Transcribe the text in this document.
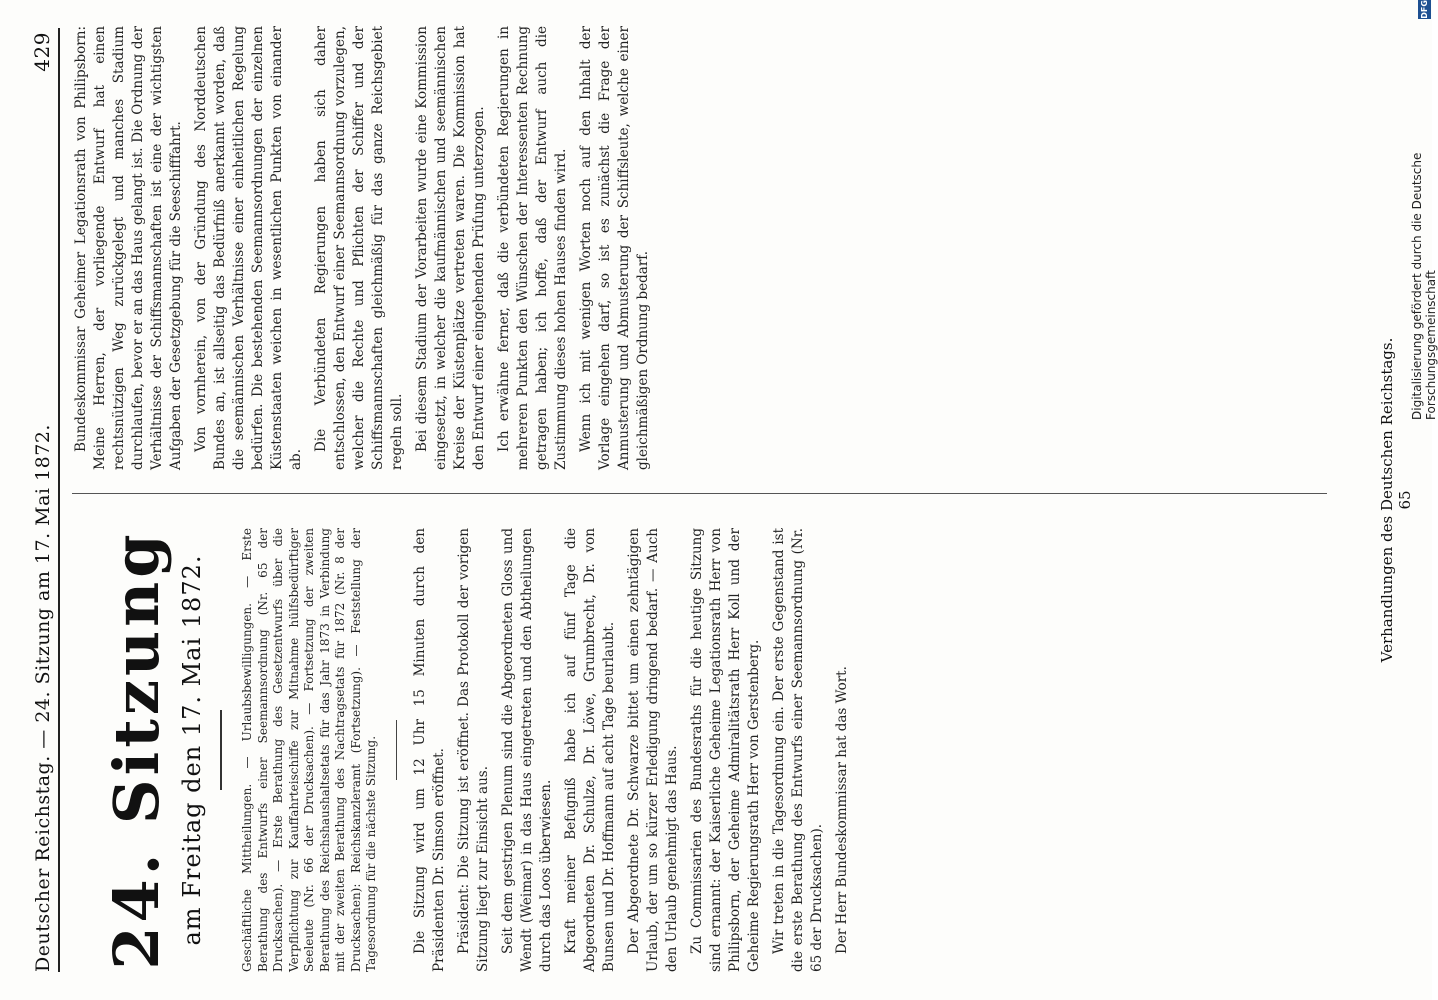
Deutscher Reichstag. — 24. Sitzung am 17. Mai 1872.
429
24. Sitzung am Freitag den 17. Mai 1872.	Geschäftliche Mittheilungen. — Urlaubsbewilligungen. — Erste Berathung des Entwurfs einer Seemannsordnung (Nr. 65 der Drucksachen). — Erste Berathung des Gesetzentwurfs über die Verpflichtung zur Kauffahrteischiffe zur Mitnahme hülfsbedürftiger Seeleute (Nr. 66 der Drucksachen). — Fortsetzung der zweiten Berathung des Reichshaushaltsetats für das Jahr 1873 in Verbindung mit der zweiten Berathung des Nachtragsetats für 1872 (Nr. 8 der Drucksachen): Reichskanzleramt (Fortsetzung). — Feststellung der Tagesordnung für die nächste Sitzung. Die Sitzung wird um 12 Uhr 15 Minuten durch den Präsidenten Dr. Simson eröffnet. Präsident: Die Sitzung ist eröffnet. Das Protokoll der vorigen Sitzung liegt zur Einsicht aus. Seit dem gestrigen Plenum sind die Abgeordneten Gloss und Wendt (Weimar) in das Haus eingetreten und den Abtheilungen durch das Loos überwiesen. Kraft meiner Befugniß habe ich auf fünf Tage die Abgeordneten Dr. Schulze, Dr. Löwe, Grumbrecht, Dr. von Bunsen und Dr. Hoffmann auf acht Tage beurlaubt. Der Abgeordnete Dr. Schwarze bittet um einen zehntägigen Urlaub, der um so kürzer Erledigung dringend bedarf. — Auch den Urlaub genehmigt das Haus. Zu Commissarien des Bundesraths für die heutige Sitzung sind ernannt: der Kaiserliche Geheime Legationsrath Herr von Philipsborn, der Geheime Admiralitätsrath Herr Koll und der Geheime Regierungsrath Herr von Gerstenberg. Wir treten in die Tagesordnung ein. Der erste Gegenstand ist die erste Berathung des Entwurfs einer Seemannsordnung (Nr. 65 der Drucksachen). Der Herr Bundeskommissar hat das Wort.

Bundeskommissar Geheimer Legationsrath von Philipsborn: Meine Herren, der vorliegende Entwurf hat einen rechtsnützigen Weg zurückgelegt und manches Stadium durchlaufen, bevor er an das Haus gelangt ist. Die Ordnung der Verhältnisse der Schiffsmannschaften ist eine der wichtigsten Aufgaben der Gesetzgebung für die Seeschifffahrt. Von vornherein, von der Gründung des Norddeutschen Bundes an, ist allseitig das Bedürfniß anerkannt worden, daß die seemännischen Verhältnisse einer einheitlichen Regelung bedürfen. Die bestehenden Seemannsordnungen der einzelnen Küstenstaaten weichen in wesentlichen Punkten von einander ab.

Die Verbündeten Regierungen haben sich daher entschlossen, den Entwurf einer Seemannsordnung vorzulegen, welcher die Rechte und Pflichten der Schiffer und der Schiffsmannschaften gleichmäßig für das ganze Reichsgebiet regeln soll. Bei diesem Stadium der Vorarbeiten wurde eine Kommission eingesetzt, in welcher die kaufmännischen und seemännischen Kreise der Küstenplätze vertreten waren. Die Kommission hat den Entwurf einer eingehenden Prüfung unterzogen. Ich erwähne ferner, daß die verbündeten Regierungen in mehreren Punkten den Wünschen der Interessenten Rechnung getragen haben; ich hoffe, daß der Entwurf auch die Zustimmung dieses hohen Hauses finden wird. Wenn ich mit wenigen Worten noch auf den Inhalt der Vorlage eingehen darf, so ist es zunächst die Frage der Anmusterung und Abmusterung der Schiffsleute, welche einer gleichmäßigen Ordnung bedarf.	Verhandlungen des Deutschen Reichstags. 65
Digitalisierung gefördert durch die Deutsche Forschungsgemeinschaft
DFG
